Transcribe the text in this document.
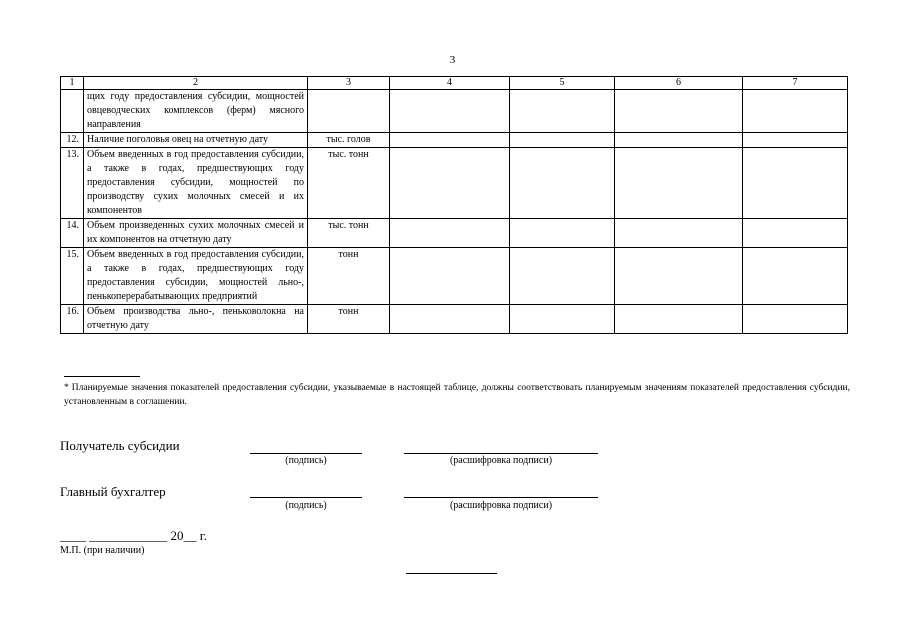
3
1	2	3	4	5	6	7
	щих году предоставления субсидии, мощностей овцеводческих комплексов (ферм) мясного направления					
12.	Наличие поголовья овец на отчетную дату	тыс. голов				
13.	Объем введенных в год предоставления субсидии, а также в годах, предшествующих году предоставления субсидии, мощностей по производству сухих молочных смесей и их компонентов	тыс. тонн				
14.	Объем произведенных сухих молочных смесей и их компонентов на отчетную дату	тыс. тонн				
15.	Объем введенных в год предоставления субсидии, а также в годах, предшествующих году предоставления субсидии, мощностей льно-, пенькоперерабатывающих предприятий	тонн				
16.	Объем производства льно-, пеньковолокна на отчетную дату	тонн				
* Планируемые значения показателей предоставления субсидии, указываемые в настоящей таблице, должны соответствовать планируемым значениям показателей предоставления субсидии, установленным в соглашении.
Получатель субсидии
(подпись)	(расшифровка подписи)
Главный бухгалтер
(подпись)	(расшифровка подписи)
____ ____________ 20__ г.
М.П. (при наличии)
